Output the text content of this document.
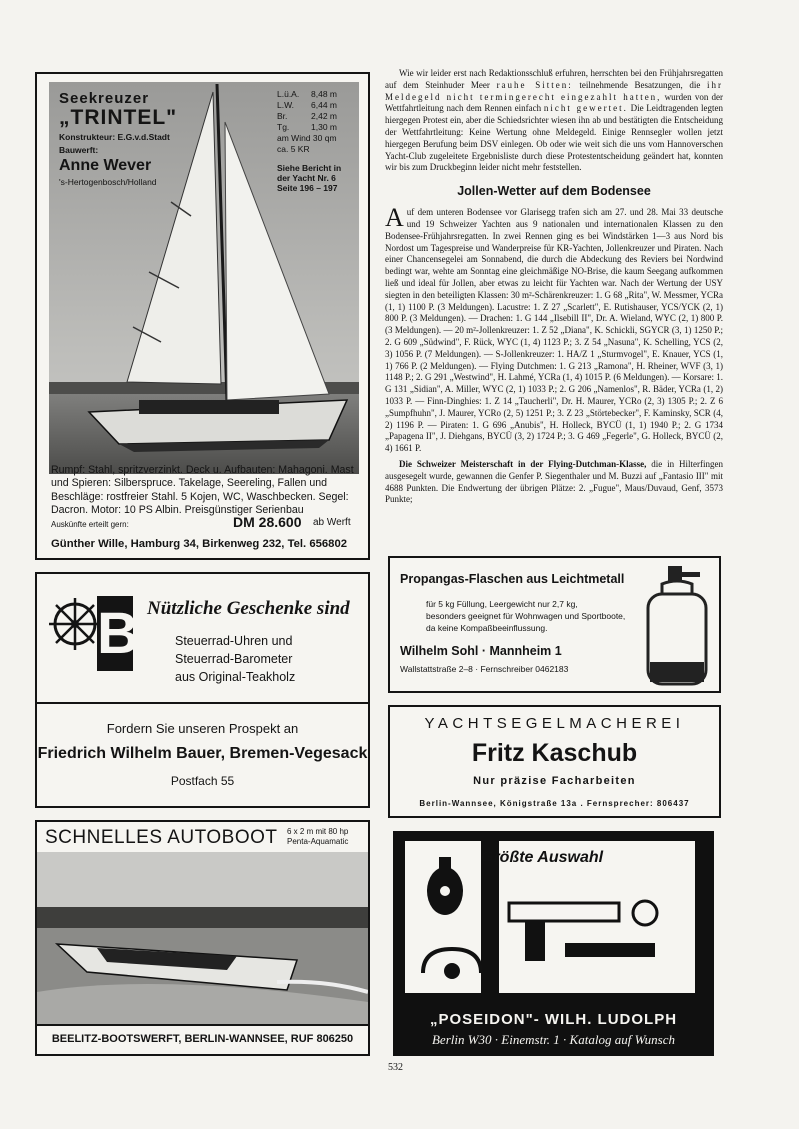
Seekreuzer
„TRINTEL"
Konstrukteur: E.G.v.d.Stadt
Bauwerft:
Anne Wever
's-Hertogenbosch/Holland
L.ü.A.	8,48 m
L.W.	6,44 m
Br.	2,42 m
Tg.	1,30 m
am Wind 30 qm
ca. 5 KR
Siehe Bericht in
der Yacht Nr. 6
Seite 196 – 197
Rumpf: Stahl, spritzverzinkt. Deck u. Aufbauten: Mahagoni. Mast und Spieren: Silberspruce. Takelage, Seereling, Fallen und Beschläge: rostfreier Stahl. 5 Kojen, WC, Waschbecken. Segel: Dacron. Motor: 10 PS Albin. Preisgünstiger Serienbau
Auskünfte erteilt gern:	DM 28.600 ab Werft
Günther Wille, Hamburg 34, Birkenweg 232, Tel. 656802

Wie wir leider erst nach Redaktionsschluß erfuhren, herrschten bei den Frühjahrsregatten auf dem Steinhuder Meer rauhe Sitten: teilnehmende Besatzungen, die ihr Meldegeld nicht termingerecht eingezahlt hatten, wurden von der Wettfahrtleitung nach dem Rennen einfach nicht gewertet. Die Leidtragenden legten hiergegen Protest ein, aber die Schiedsrichter wiesen ihn ab und bestätigten die Entscheidung der Wettfahrtleitung: Keine Wertung ohne Meldegeld. Einige Rennsegler wollen jetzt hiergegen Berufung beim DSV einlegen. Ob oder wie weit sich die uns vom Hannoverschen Yacht-Club zugeleitete Ergebnisliste durch diese Protestentscheidung geändert hat, konnten wir bis zum Druckbeginn leider nicht mehr feststellen.

Jollen-Wetter auf dem Bodensee

Auf dem unteren Bodensee vor Glarisegg trafen sich am 27. und 28. Mai 33 deutsche und 19 Schweizer Yachten aus 9 nationalen und internationalen Klassen zu den Bodensee-Frühjahrsregatten. In zwei Rennen ging es bei Windstärken 1—3 aus Nord bis Nordost um Tagespreise und Wanderpreise für KR-Yachten, Jollenkreuzer und Piraten. Nach einer Chancensegelei am Sonnabend, die durch die Abdeckung des Reviers bei Nordwind bedingt war, wehte am Sonntag eine gleichmäßige NO-Brise, die kaum Seegang aufkommen ließ und ideal für Jollen, aber etwas zu leicht für Yachten war. Nach der Wertung der USY siegten in den beteiligten Klassen: 30 m²-Schärenkreuzer: 1. G 68 „Rita", W. Messmer, YCRa (1, 1) 1100 P. (3 Meldungen). Lacustre: 1. Z 27 „Scarlett", E. Rutishauser, YCS/YCK (2, 1) 800 P. (3 Meldungen). — Drachen: 1. G 144 „Ilsebill II", Dr. A. Wieland, WYC (2, 1) 800 P. (3 Meldungen). — 20 m²-Jollenkreuzer: 1. Z 52 „Diana", K. Schickli, SGYCR (3, 1) 1250 P.; 2. G 609 „Südwind", F. Rück, WYC (1, 4) 1123 P.; 3. Z 54 „Nasuna", K. Schelling, YCS (2, 3) 1056 P. (7 Meldungen). — S-Jollenkreuzer: 1. HA/Z 1 „Sturmvogel", E. Knauer, YCS (1, 1) 766 P. (2 Meldungen). — Flying Dutchmen: 1. G 213 „Ramona", H. Rheiner, WVF (3, 1) 1148 P.; 2. G 291 „Westwind", H. Lahmé, YCRa (1, 4) 1015 P. (6 Meldungen). — Korsare: 1. G 131 „Sidian", A. Miller, WYC (2, 1) 1033 P.; 2. G 206 „Namenlos", R. Bäder, YCRa (1, 2) 1033 P. — Finn-Dinghies: 1. Z 14 „Taucherli", Dr. H. Maurer, YCRo (2, 3) 1305 P.; 2. Z 6 „Sumpfhuhn", J. Maurer, YCRo (2, 5) 1251 P.; 3. Z 23 „Störtebecker", F. Kaminsky, SCR (4, 2) 1196 P. — Piraten: 1. G 696 „Anubis", H. Holleck, BYCÜ (1, 1) 1940 P.; 2. G 1734 „Papagena II", J. Diehgans, BYCÜ (3, 2) 1724 P.; 3. G 469 „Fegerle", G. Holleck, BYCÜ (2, 4) 1661 P.

Die Schweizer Meisterschaft in der Flying-Dutchman-Klasse, die in Hilterfingen ausgesegelt wurde, gewannen die Genfer P. Siegenthaler und M. Buzzi auf „Fantasio III" mit 4688 Punkten. Die Endwertung der übrigen Plätze: 2. „Fugue", Maus/Duvaud, Genf, 3573 Punkte;

B Nützliche Geschenke sind
Steuerrad-Uhren und
Steuerrad-Barometer
aus Original-Teakholz
Fordern Sie unseren Prospekt an
Friedrich Wilhelm Bauer, Bremen-Vegesack
Postfach 55
Propangas-Flaschen aus Leichtmetall
für 5 kg Füllung, Leergewicht nur 2,7 kg,
besonders geeignet für Wohnwagen und Sportboote,
da keine Kompaßbeeinflussung.
Wilhelm Sohl · Mannheim 1
Wallstattstraße 2–8 · Fernschreiber 0462183
YACHTSEGELMACHEREI
Fritz Kaschub
Nur präzise Facharbeiten
Berlin-Wannsee, Königstraße 13a . Fernsprecher: 806437
SCHNELLES AUTOBOOT 6 x 2 m mit 80 hp
Penta-Aquamatic
BEELITZ-BOOTSWERFT, BERLIN-WANNSEE, RUF 806250
Größte Auswahl
„POSEIDON"- WILH. LUDOLPH
Berlin W30 · Einemstr. 1 · Katalog auf Wunsch
532
